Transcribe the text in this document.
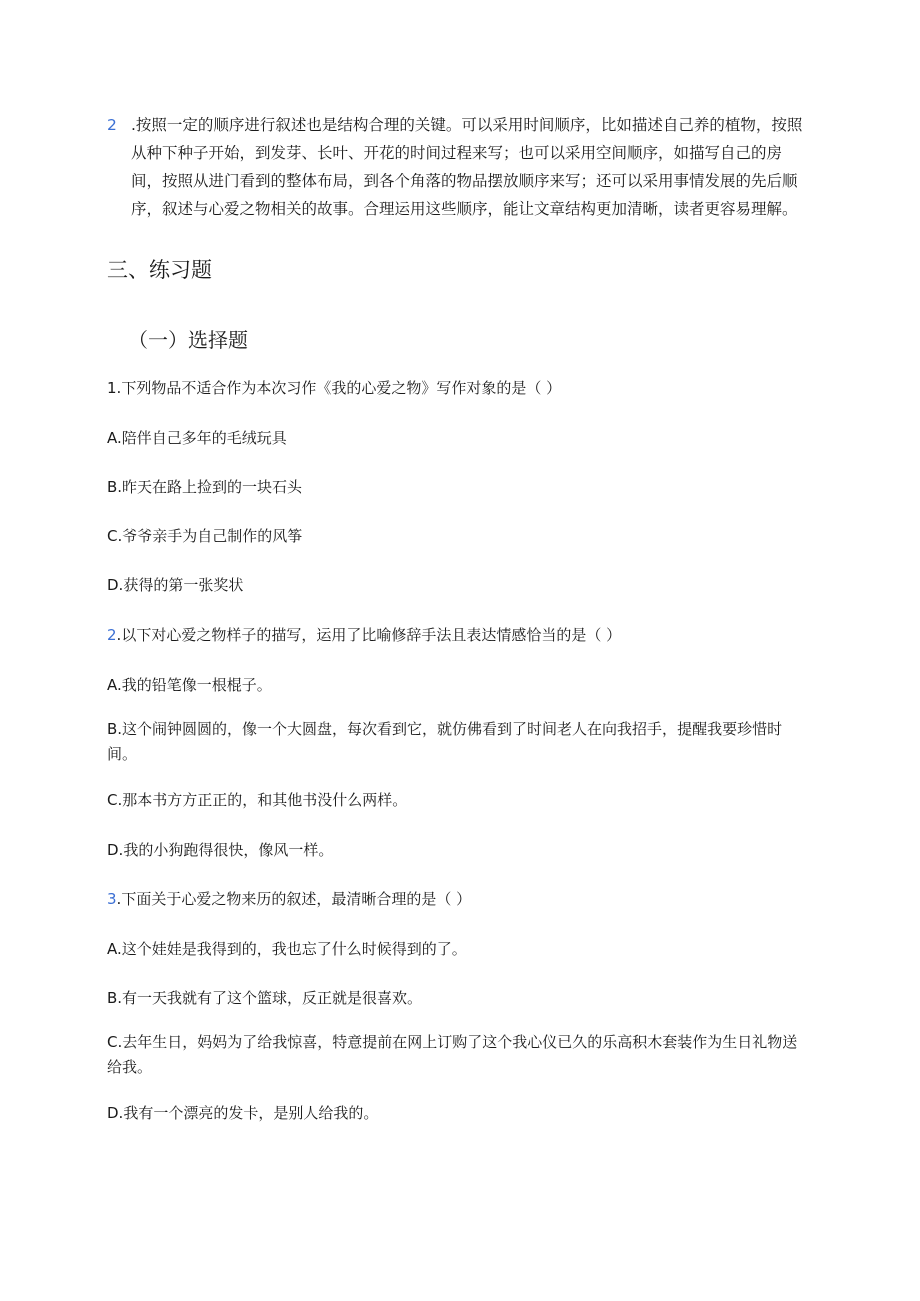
2 .按照一定的顺序进行叙述也是结构合理的关键。可以采用时间顺序，比如描述自己养的植物，按照从种下种子开始，到发芽、长叶、开花的时间过程来写；也可以采用空间顺序，如描写自己的房间，按照从进门看到的整体布局，到各个角落的物品摆放顺序来写；还可以采用事情发展的先后顺序，叙述与心爱之物相关的故事。合理运用这些顺序，能让文章结构更加清晰，读者更容易理解。
三、练习题
（一）选择题
1.下列物品不适合作为本次习作《我的心爱之物》写作对象的是（ ）
A.陪伴自己多年的毛绒玩具
B.昨天在路上捡到的一块石头
C.爷爷亲手为自己制作的风筝
D.获得的第一张奖状
2.以下对心爱之物样子的描写，运用了比喻修辞手法且表达情感恰当的是（ ）
A.我的铅笔像一根棍子。
B.这个闹钟圆圆的，像一个大圆盘，每次看到它，就仿佛看到了时间老人在向我招手，提醒我要珍惜时间。
C.那本书方方正正的，和其他书没什么两样。
D.我的小狗跑得很快，像风一样。
3.下面关于心爱之物来历的叙述，最清晰合理的是（ ）
A.这个娃娃是我得到的，我也忘了什么时候得到的了。
B.有一天我就有了这个篮球，反正就是很喜欢。
C.去年生日，妈妈为了给我惊喜，特意提前在网上订购了这个我心仪已久的乐高积木套装作为生日礼物送给我。
D.我有一个漂亮的发卡，是别人给我的。
